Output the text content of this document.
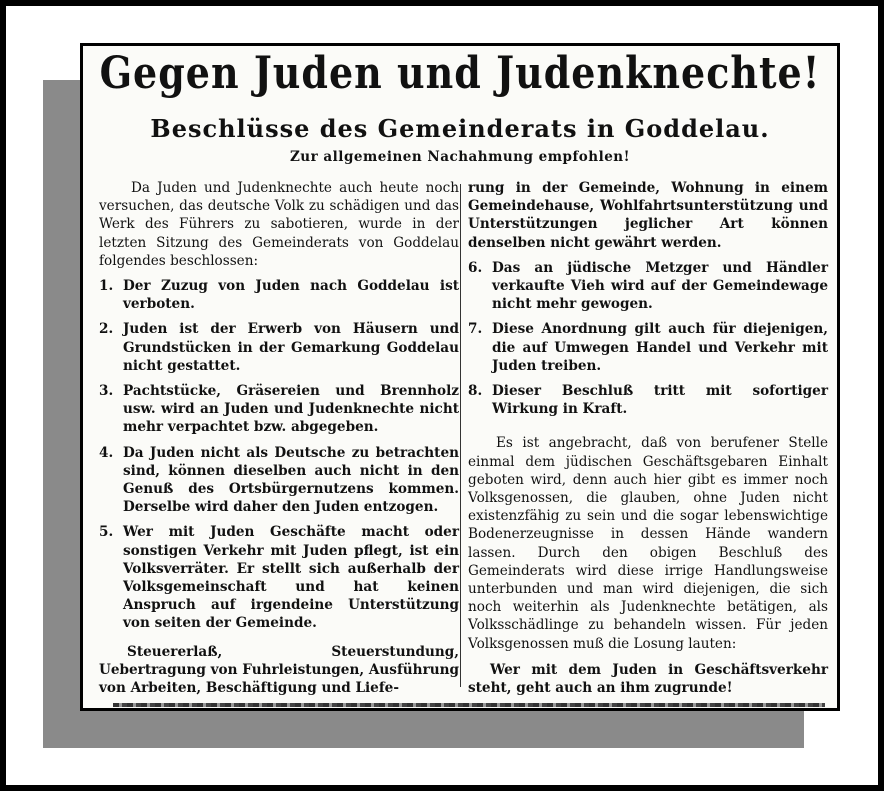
Gegen Juden und Judenknechte!
Beschlüsse des Gemeinderats in Goddelau.
Zur allgemeinen Nachahmung empfohlen!

Da Juden und Judenknechte auch heute noch versuchen, das deutsche Volk zu schädigen und das Werk des Führers zu sabotieren, wurde in der letzten Sitzung des Gemeinderats von Goddelau folgendes beschlossen:

1. Der Zuzug von Juden nach Goddelau ist verboten.

2. Juden ist der Erwerb von Häusern und Grundstücken in der Gemarkung Goddelau nicht gestattet.

3. Pachtstücke, Gräsereien und Brennholz usw. wird an Juden und Judenknechte nicht mehr verpachtet bzw. abgegeben.

4. Da Juden nicht als Deutsche zu betrachten sind, können dieselben auch nicht in den Genuß des Ortsbürgernutzens kommen. Derselbe wird daher den Juden entzogen.

5. Wer mit Juden Geschäfte macht oder sonstigen Verkehr mit Juden pflegt, ist ein Volksverräter. Er stellt sich außerhalb der Volksgemeinschaft und hat keinen Anspruch auf irgendeine Unterstützung von seiten der Gemeinde.

Steuererlaß, Steuerstundung, Uebertragung von Fuhrleistungen, Ausführung von Arbeiten, Beschäftigung und Liefe-

rung in der Gemeinde, Wohnung in einem Gemeindehause, Wohlfahrtsunterstützung und Unterstützungen jeglicher Art können denselben nicht gewährt werden.

6. Das an jüdische Metzger und Händler verkaufte Vieh wird auf der Gemeindewage nicht mehr gewogen.

7. Diese Anordnung gilt auch für diejenigen, die auf Umwegen Handel und Verkehr mit Juden treiben.

8. Dieser Beschluß tritt mit sofortiger Wirkung in Kraft.

Es ist angebracht, daß von berufener Stelle einmal dem jüdischen Geschäftsgebaren Einhalt geboten wird, denn auch hier gibt es immer noch Volksgenossen, die glauben, ohne Juden nicht existenzfähig zu sein und die sogar lebenswichtige Bodenerzeugnisse in dessen Hände wandern lassen. Durch den obigen Beschluß des Gemeinderats wird diese irrige Handlungsweise unterbunden und man wird diejenigen, die sich noch weiterhin als Judenknechte betätigen, als Volksschädlinge zu behandeln wissen. Für jeden Volksgenossen muß die Losung lauten:

Wer mit dem Juden in Geschäftsverkehr steht, geht auch an ihm zugrunde!
